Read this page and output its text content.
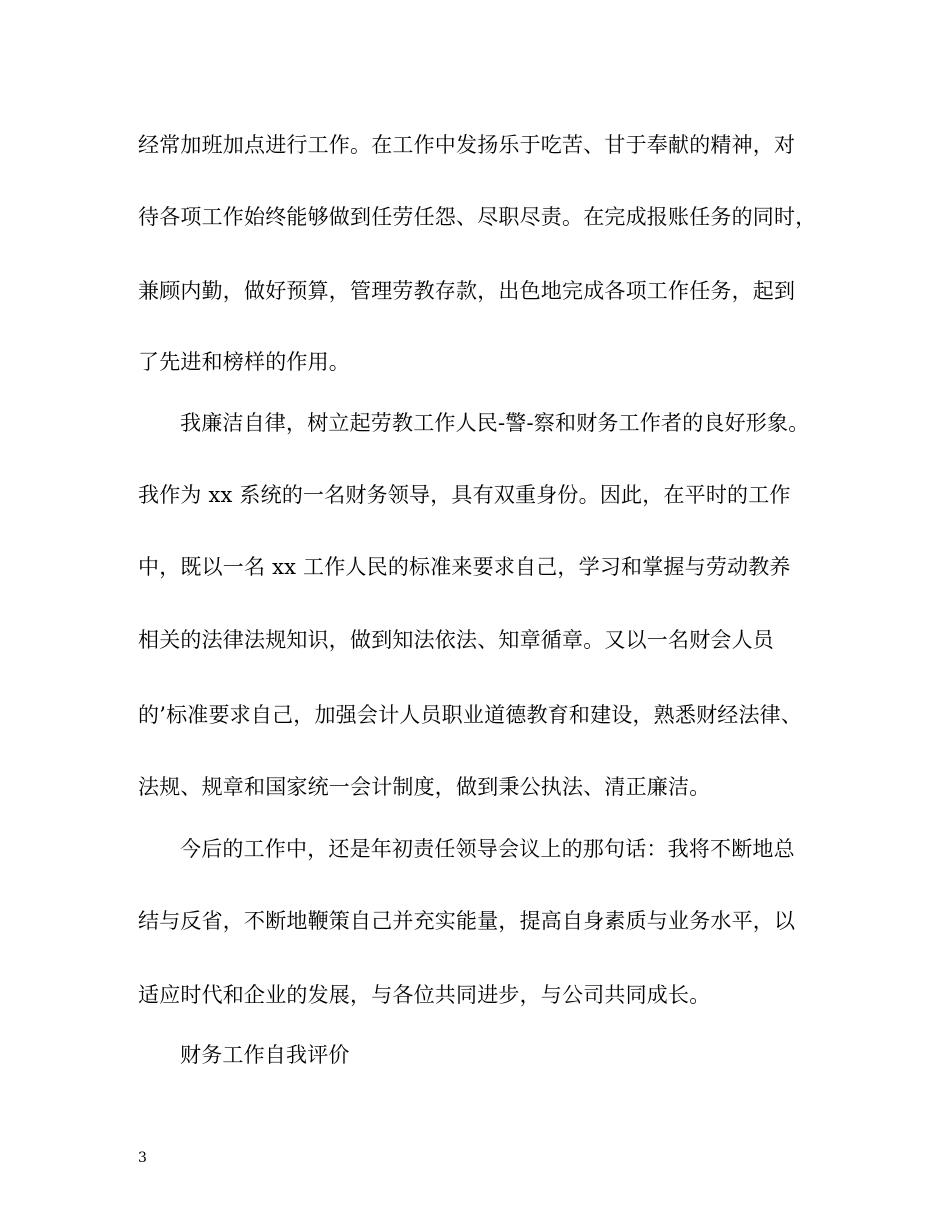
经常加班加点进行工作。在工作中发扬乐于吃苦、甘于奉献的精神，对
待各项工作始终能够做到任劳任怨、尽职尽责。在完成报账任务的同时，
兼顾内勤，做好预算，管理劳教存款，出色地完成各项工作任务，起到
了先进和榜样的作用。
我廉洁自律，树立起劳教工作人民-警-察和财务工作者的良好形象。
我作为 xx 系统的一名财务领导，具有双重身份。因此，在平时的工作
中，既以一名 xx 工作人民的标准来要求自己，学习和掌握与劳动教养
相关的法律法规知识，做到知法依法、知章循章。又以一名财会人员
的’标准要求自己，加强会计人员职业道德教育和建设，熟悉财经法律、
法规、规章和国家统一会计制度，做到秉公执法、清正廉洁。
今后的工作中，还是年初责任领导会议上的那句话：我将不断地总
结与反省，不断地鞭策自己并充实能量，提高自身素质与业务水平，以
适应时代和企业的发展，与各位共同进步，与公司共同成长。
财务工作自我评价
3
